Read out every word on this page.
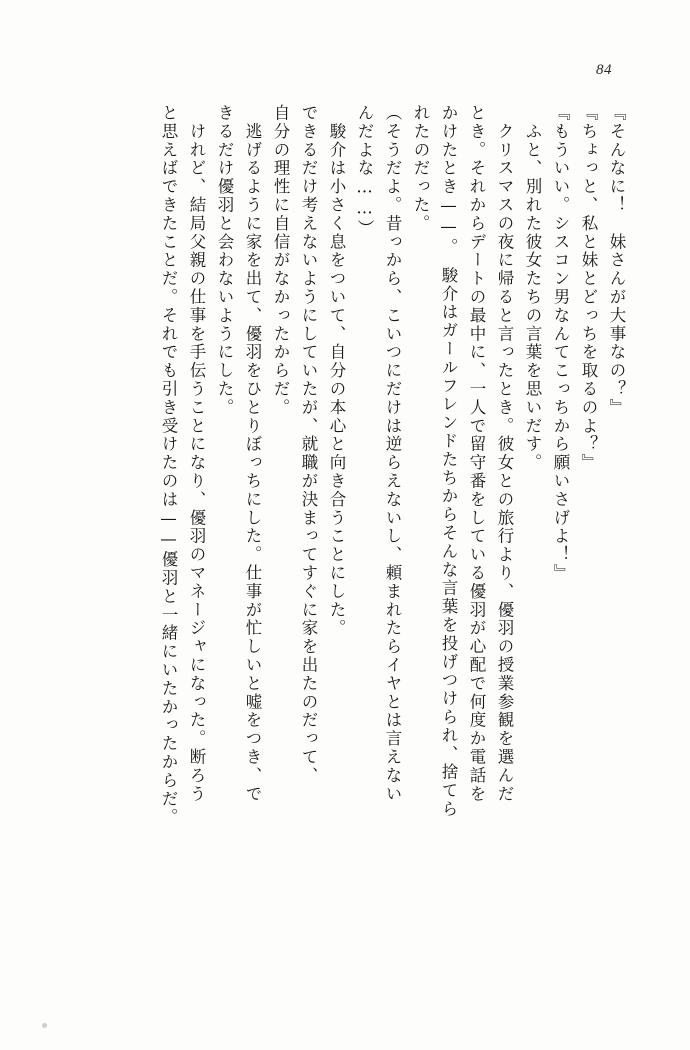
84
『そんなに！　妹さんが大事なの？』
『ちょっと、私と妹とどっちを取るのよ？』
『もういい。シスコン男なんてこっちから願いさげよ！』
　ふと、別れた彼女たちの言葉を思いだす。
　クリスマスの夜に帰ると言ったとき。彼女との旅行より、優羽の授業参観を選んだ
とき。それからデートの最中に、一人で留守番をしている優羽が心配で何度か電話を
かけたとき——。　駿介はガールフレンドたちからそんな言葉を投げつけられ、捨てら
れたのだった。
（そうだよ。昔っから、こいつにだけは逆らえないし、頼まれたらイヤとは言えない
んだよな……）
　駿介は小さく息をついて、自分の本心と向き合うことにした。
できるだけ考えないようにしていたが、就職が決まってすぐに家を出たのだって、
自分の理性に自信がなかったからだ。
　逃げるように家を出て、優羽をひとりぼっちにした。仕事が忙しいと嘘をつき、で
きるだけ優羽と会わないようにした。
　けれど、結局父親の仕事を手伝うことになり、優羽のマネージャになった。断ろう
と思えばできたことだ。それでも引き受けたのは——優羽と一緒にいたかったからだ。
